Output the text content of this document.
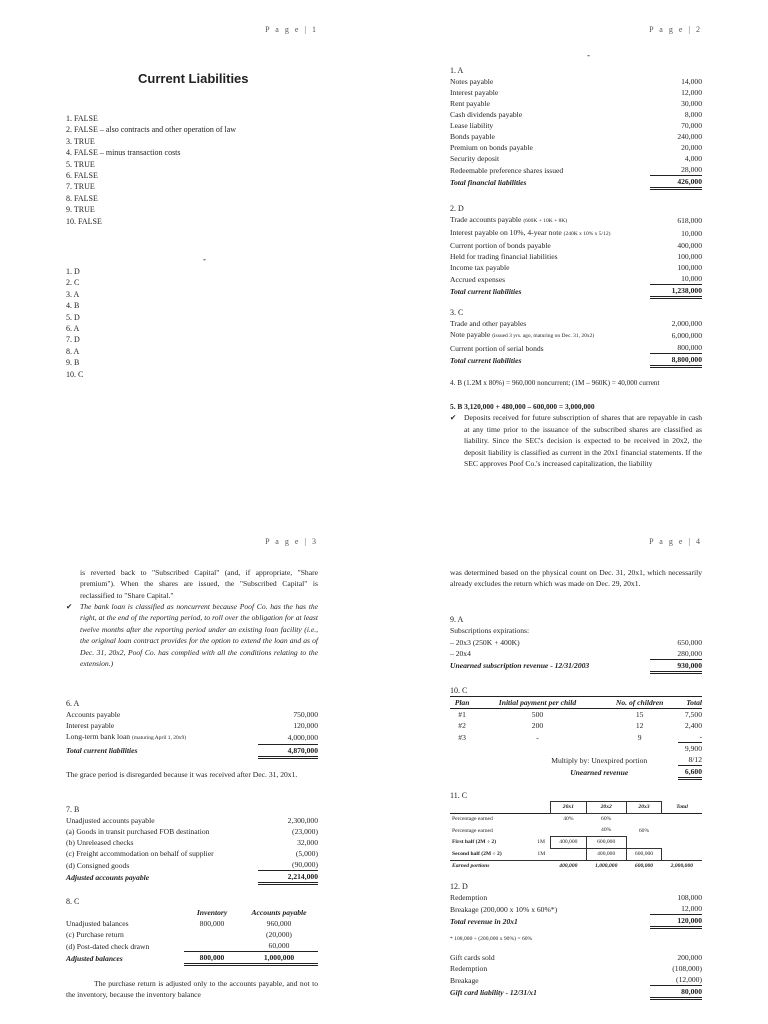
P a g e | 1
Current Liabilities
1. FALSE
2. FALSE – also contracts and other operation of law
3. TRUE
4. FALSE – minus transaction costs
5. TRUE
6. FALSE
7. TRUE
8. FALSE
9. TRUE
10. FALSE
-
1. D
2. C
3. A
4. B
5. D
6. A
7. D
8. A
9. B
10. C
P a g e | 2
-
1. A
Notes payable	14,000
Interest payable	12,000
Rent payable	30,000
Cash dividends payable	8,000
Lease liability	70,000
Bonds payable	240,000
Premium on bonds payable	20,000
Security deposit	4,000
Redeemable preference shares issued	28,000
Total financial liabilities	426,000
2. D
Trade accounts payable (600K + 10K + 8K)	618,000
Interest payable on 10%, 4-year note (240K x 10% x 5/12)	10,000
Current portion of bonds payable	400,000
Held for trading financial liabilities	100,000
Income tax payable	100,000
Accrued expenses	10,000
Total current liabilities	1,238,000
3. C
Trade and other payables	2,000,000
Note payable (issued 3 yrs. ago, maturing on Dec. 31, 20x2)	6,000,000
Current portion of serial bonds	800,000
Total current liabilities	8,800,000
4. B (1.2M x 80%) = 960,000 noncurrent; (1M – 960K) = 40,000 current
5. B 3,120,000 + 480,000 – 600,000 = 3,000,000
✔ Deposits received for future subscription of shares that are repayable in cash at any time prior to the issuance of the subscribed shares are classified as liability. Since the SEC's decision is expected to be received in 20x2, the deposit liability is classified as current in the 20x1 financial statements. If the SEC approves Poof Co.'s increased capitalization, the liability
P a g e | 3
is reverted back to "Subscribed Capital" (and, if appropriate, "Share premium"). When the shares are issued, the "Subscribed Capital" is reclassified to "Share Capital."
✔ The bank loan is classified as noncurrent because Poof Co. has the has the right, at the end of the reporting period, to roll over the obligation for at least twelve months after the reporting period under an existing loan facility (i.e., the original loan contract provides for the option to extend the loan and as of Dec. 31, 20x2, Poof Co. has complied with all the conditions relating to the extension.)
6. A
Accounts payable	750,000
Interest payable	120,000
Long-term bank loan (maturing April 1, 20x9)	4,000,000
Total current liabilities	4,870,000
The grace period is disregarded because it was received after Dec. 31, 20x1.
7. B
Unadjusted accounts payable	2,300,000
(a) Goods in transit purchased FOB destination	(23,000)
(b) Unreleased checks	32,000
(c) Freight accommodation on behalf of supplier	(5,000)
(d) Consigned goods	(90,000)
Adjusted accounts payable	2,214,000
8. C
	Inventory	Accounts payable
Unadjusted balances	800,000	960,000
(c) Purchase return		(20,000)
(d) Post-dated check drawn		60,000
Adjusted balances	800,000	1,000,000
The purchase return is adjusted only to the accounts payable, and not to the inventory, because the inventory balance
P a g e | 4
was determined based on the physical count on Dec. 31, 20x1, which necessarily already excludes the return which was made on Dec. 29, 20x1.
9. A
Subscriptions expirations:
– 20x3 (250K + 400K)	650,000
– 20x4	280,000
Unearned subscription revenue - 12/31/2003	930,000
10. C
Plan	Initial payment per child	No. of children	Total
#1	500	15	7,500
#2	200	12	2,400
#3	-	9	-
			9,900
Multiply by: Unexpired portion			8/12
Unearned revenue			6,600
11. C
		20x1	20x2	20x3	Total
Percentage earned		40%	60%		
Percentage earned			40%	60%	
First half (2M ÷ 2)	1M	400,000	600,000		
Second half (2M ÷ 2)	1M		400,000	600,000	
Earned portions		400,000	1,000,000	600,000	2,000,000
12. D
Redemption	108,000
Breakage (200,000 x 10% x 60%*)	12,000
Total revenue in 20x1	120,000
* 108,000 ÷ (200,000 x 90%) = 60%
Gift cards sold	200,000
Redemption	(108,000)
Breakage	(12,000)
Gift card liability - 12/31/x1	80,000
